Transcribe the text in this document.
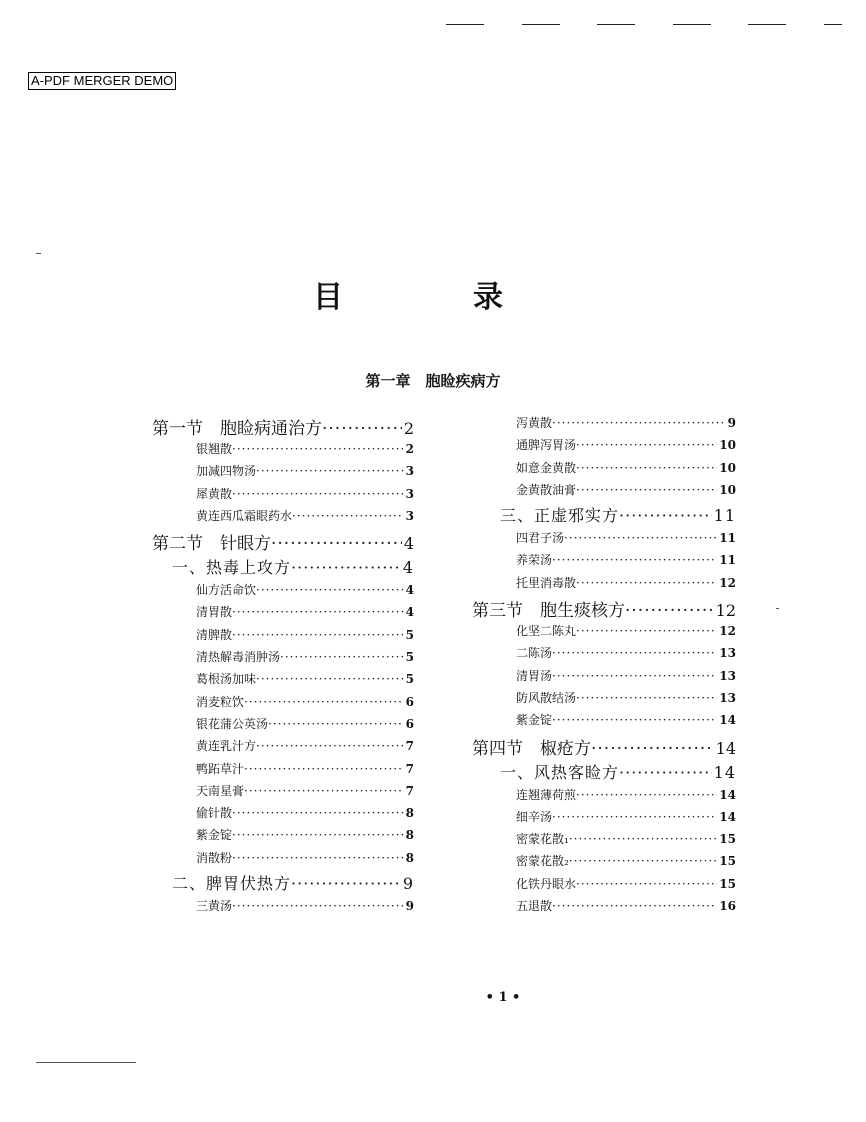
A-PDF MERGER DEMO
目　录
第一章　胞睑疾病方
第一节　胞睑病通治方 ·····	2
银翘散 ·····	2
加减四物汤 ·····	3
犀黄散 ·····	3
黄连西瓜霜眼药水 ·····	3
第二节　针眼方 ·····	4
一、热毒上攻方 ·····	4
仙方活命饮 ·····	4
清胃散 ·····	4
清脾散 ·····	5
清热解毒消肿汤 ·····	5
葛根汤加味 ·····	5
消麦粒饮 ·····	6
银花蒲公英汤 ·····	6
黄连乳汁方 ·····	7
鸭跖草汁 ·····	7
天南星膏 ·····	7
偷针散 ·····	8
紫金锭 ·····	8
消散粉 ·····	8
二、脾胃伏热方 ·····	9
三黄汤 ·····	9
泻黄散 ·····	9
通脾泻胃汤 ·····	10
如意金黄散 ·····	10
金黄散油膏 ·····	10
三、正虚邪实方 ·····	11
四君子汤 ·····	11
养荣汤 ·····	11
托里消毒散 ·····	12
第三节　胞生痰核方 ·····	12
化坚二陈丸 ·····	12
二陈汤 ·····	13
清胃汤 ·····	13
防风散结汤 ·····	13
紫金锭 ·····	14
第四节　椒疮方 ·····	14
一、风热客睑方 ·····	14
连翘薄荷煎 ·····	14
细辛汤 ·····	14
密蒙花散₁ ·····	15
密蒙花散₂ ·····	15
化铁丹眼水 ·····	15
五退散 ·····	16
• 1 •
